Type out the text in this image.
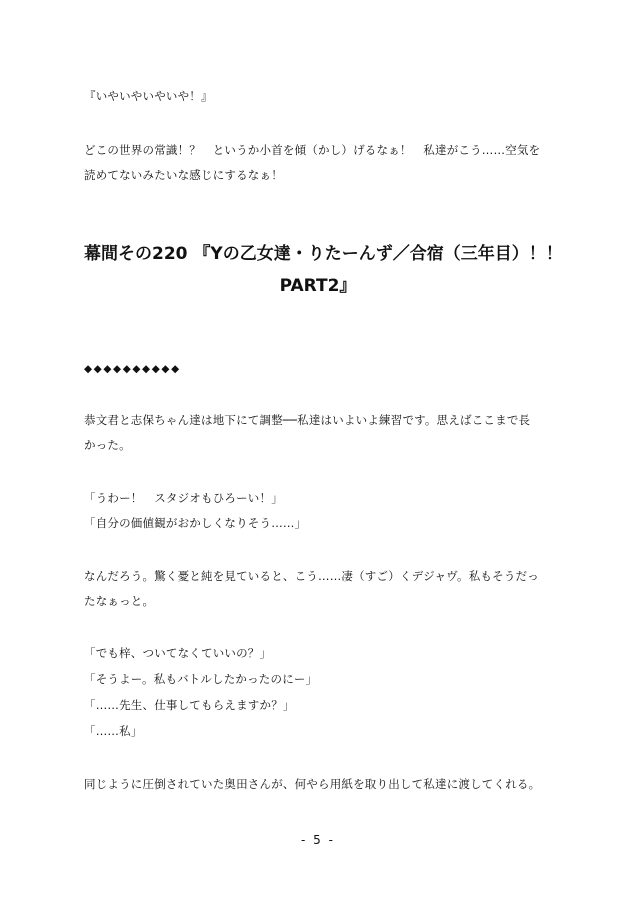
『いやいやいやいや！』

どこの世界の常識！？　というか小首を傾（かし）げるなぁ！　私達がこう……空気を

読めてないみたいな感じにするなぁ！

幕間その220 『Yの乙女達・りたーんず／合宿（三年目）！！
PART2』

◆◆◆◆◆◆◆◆◆◆

恭文君と志保ちゃん達は地下にて調整──私達はいよいよ練習です。思えばここまで長

かった。

「うわー！　スタジオもひろーい！」

「自分の価値観がおかしくなりそう……」

なんだろう。驚く憂と純を見ていると、こう……凄（すご）くデジャヴ。私もそうだっ

たなぁっと。

「でも梓、ついてなくていいの？」

「そうよー。私もバトルしたかったのにー」

「……先生、仕事してもらえますか？」

「……私」

同じように圧倒されていた奥田さんが、何やら用紙を取り出して私達に渡してくれる。

- 5 -
